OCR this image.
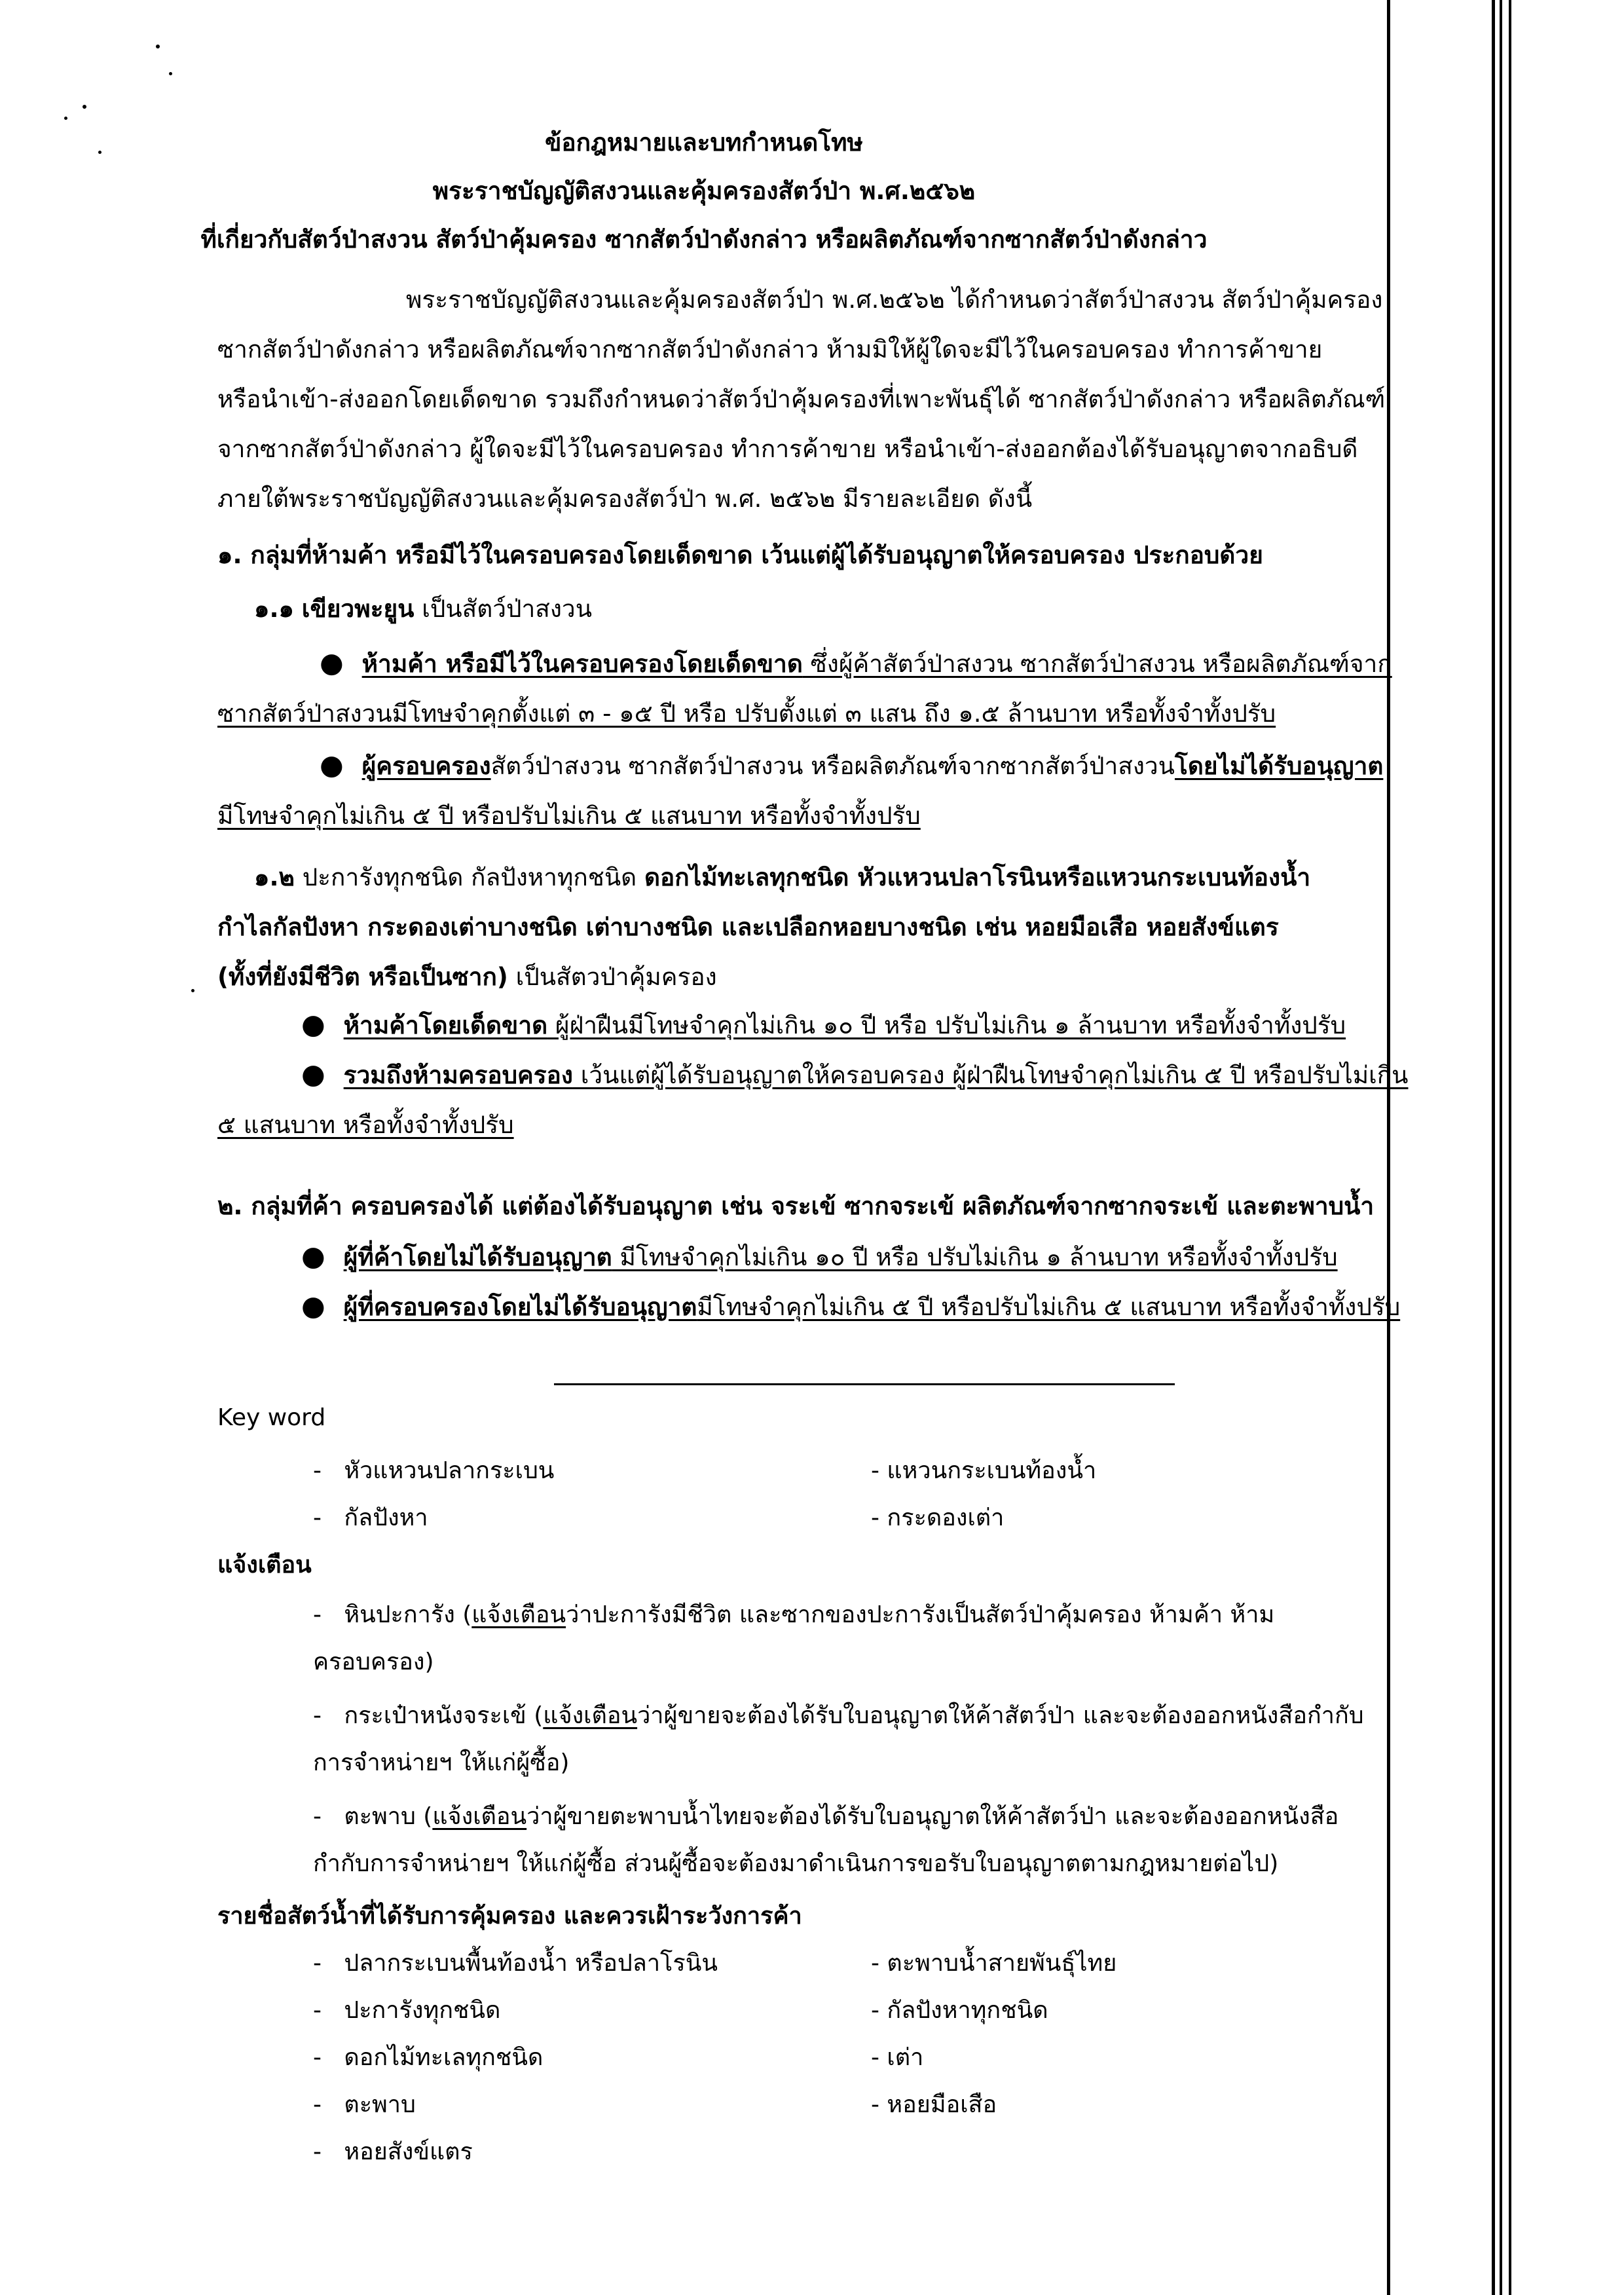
ข้อกฎหมายและบทกำหนดโทษ
พระราชบัญญัติสงวนและคุ้มครองสัตว์ป่า พ.ศ.๒๕๖๒
ที่เกี่ยวกับสัตว์ป่าสงวน สัตว์ป่าคุ้มครอง ซากสัตว์ป่าดังกล่าว หรือผลิตภัณฑ์จากซากสัตว์ป่าดังกล่าว
พระราชบัญญัติสงวนและคุ้มครองสัตว์ป่า พ.ศ.๒๕๖๒ ได้กำหนดว่าสัตว์ป่าสงวน สัตว์ป่าคุ้มครอง
ซากสัตว์ป่าดังกล่าว หรือผลิตภัณฑ์จากซากสัตว์ป่าดังกล่าว ห้ามมิให้ผู้ใดจะมีไว้ในครอบครอง ทำการค้าขาย
หรือนำเข้า-ส่งออกโดยเด็ดขาด รวมถึงกำหนดว่าสัตว์ป่าคุ้มครองที่เพาะพันธุ์ได้ ซากสัตว์ป่าดังกล่าว หรือผลิตภัณฑ์
จากซากสัตว์ป่าดังกล่าว ผู้ใดจะมีไว้ในครอบครอง ทำการค้าขาย หรือนำเข้า-ส่งออกต้องได้รับอนุญาตจากอธิบดี
ภายใต้พระราชบัญญัติสงวนและคุ้มครองสัตว์ป่า พ.ศ. ๒๕๖๒ มีรายละเอียด ดังนี้
๑. กลุ่มที่ห้ามค้า หรือมีไว้ในครอบครองโดยเด็ดขาด เว้นแต่ผู้ได้รับอนุญาตให้ครอบครอง ประกอบด้วย
๑.๑ เขียวพะยูน เป็นสัตว์ป่าสงวน
● ห้ามค้า หรือมีไว้ในครอบครองโดยเด็ดขาด ซึ่งผู้ค้าสัตว์ป่าสงวน ซากสัตว์ป่าสงวน หรือผลิตภัณฑ์จาก
ซากสัตว์ป่าสงวนมีโทษจำคุกตั้งแต่ ๓ - ๑๕ ปี หรือ ปรับตั้งแต่ ๓ แสน ถึง ๑.๕ ล้านบาท หรือทั้งจำทั้งปรับ
● ผู้ครอบครองสัตว์ป่าสงวน ซากสัตว์ป่าสงวน หรือผลิตภัณฑ์จากซากสัตว์ป่าสงวนโดยไม่ได้รับอนุญาต
มีโทษจำคุกไม่เกิน ๕ ปี หรือปรับไม่เกิน ๕ แสนบาท หรือทั้งจำทั้งปรับ
๑.๒ ปะการังทุกชนิด กัลปังหาทุกชนิด ดอกไม้ทะเลทุกชนิด หัวแหวนปลาโรนินหรือแหวนกระเบนท้องน้ำ
กำไลกัลปังหา กระดองเต่าบางชนิด เต่าบางชนิด และเปลือกหอยบางชนิด เช่น หอยมือเสือ หอยสังข์แตร
(ทั้งที่ยังมีชีวิต หรือเป็นซาก) เป็นสัตวป่าคุ้มครอง
● ห้ามค้าโดยเด็ดขาด ผู้ฝ่าฝืนมีโทษจำคุกไม่เกิน ๑๐ ปี หรือ ปรับไม่เกิน ๑ ล้านบาท หรือทั้งจำทั้งปรับ
● รวมถึงห้ามครอบครอง เว้นแต่ผู้ได้รับอนุญาตให้ครอบครอง ผู้ฝ่าฝืนโทษจำคุกไม่เกิน ๕ ปี หรือปรับไม่เกิน
๕ แสนบาท หรือทั้งจำทั้งปรับ
๒. กลุ่มที่ค้า ครอบครองได้ แต่ต้องได้รับอนุญาต เช่น จระเข้ ซากจระเข้ ผลิตภัณฑ์จากซากจระเข้ และตะพาบน้ำ
● ผู้ที่ค้าโดยไม่ได้รับอนุญาต มีโทษจำคุกไม่เกิน ๑๐ ปี หรือ ปรับไม่เกิน ๑ ล้านบาท หรือทั้งจำทั้งปรับ
● ผู้ที่ครอบครองโดยไม่ได้รับอนุญาตมีโทษจำคุกไม่เกิน ๕ ปี หรือปรับไม่เกิน ๕ แสนบาท หรือทั้งจำทั้งปรับ
Key word
- หัวแหวนปลากระเบน	- แหวนกระเบนท้องน้ำ
- กัลปังหา	- กระดองเต่า
แจ้งเตือน
- หินปะการัง (แจ้งเตือนว่าปะการังมีชีวิต และซากของปะการังเป็นสัตว์ป่าคุ้มครอง ห้ามค้า ห้าม
ครอบครอง)
- กระเป๋าหนังจระเข้ (แจ้งเตือนว่าผู้ขายจะต้องได้รับใบอนุญาตให้ค้าสัตว์ป่า และจะต้องออกหนังสือกำกับ
การจำหน่ายฯ ให้แก่ผู้ซื้อ)
- ตะพาบ (แจ้งเตือนว่าผู้ขายตะพาบน้ำไทยจะต้องได้รับใบอนุญาตให้ค้าสัตว์ป่า และจะต้องออกหนังสือ
กำกับการจำหน่ายฯ ให้แก่ผู้ซื้อ ส่วนผู้ซื้อจะต้องมาดำเนินการขอรับใบอนุญาตตามกฎหมายต่อไป)
รายชื่อสัตว์น้ำที่ได้รับการคุ้มครอง และควรเฝ้าระวังการค้า
- ปลากระเบนพื้นท้องน้ำ หรือปลาโรนิน	- ตะพาบน้ำสายพันธุ์ไทย
- ปะการังทุกชนิด	- กัลปังหาทุกชนิด
- ดอกไม้ทะเลทุกชนิด	- เต่า
- ตะพาบ	- หอยมือเสือ
- หอยสังข์แตร
